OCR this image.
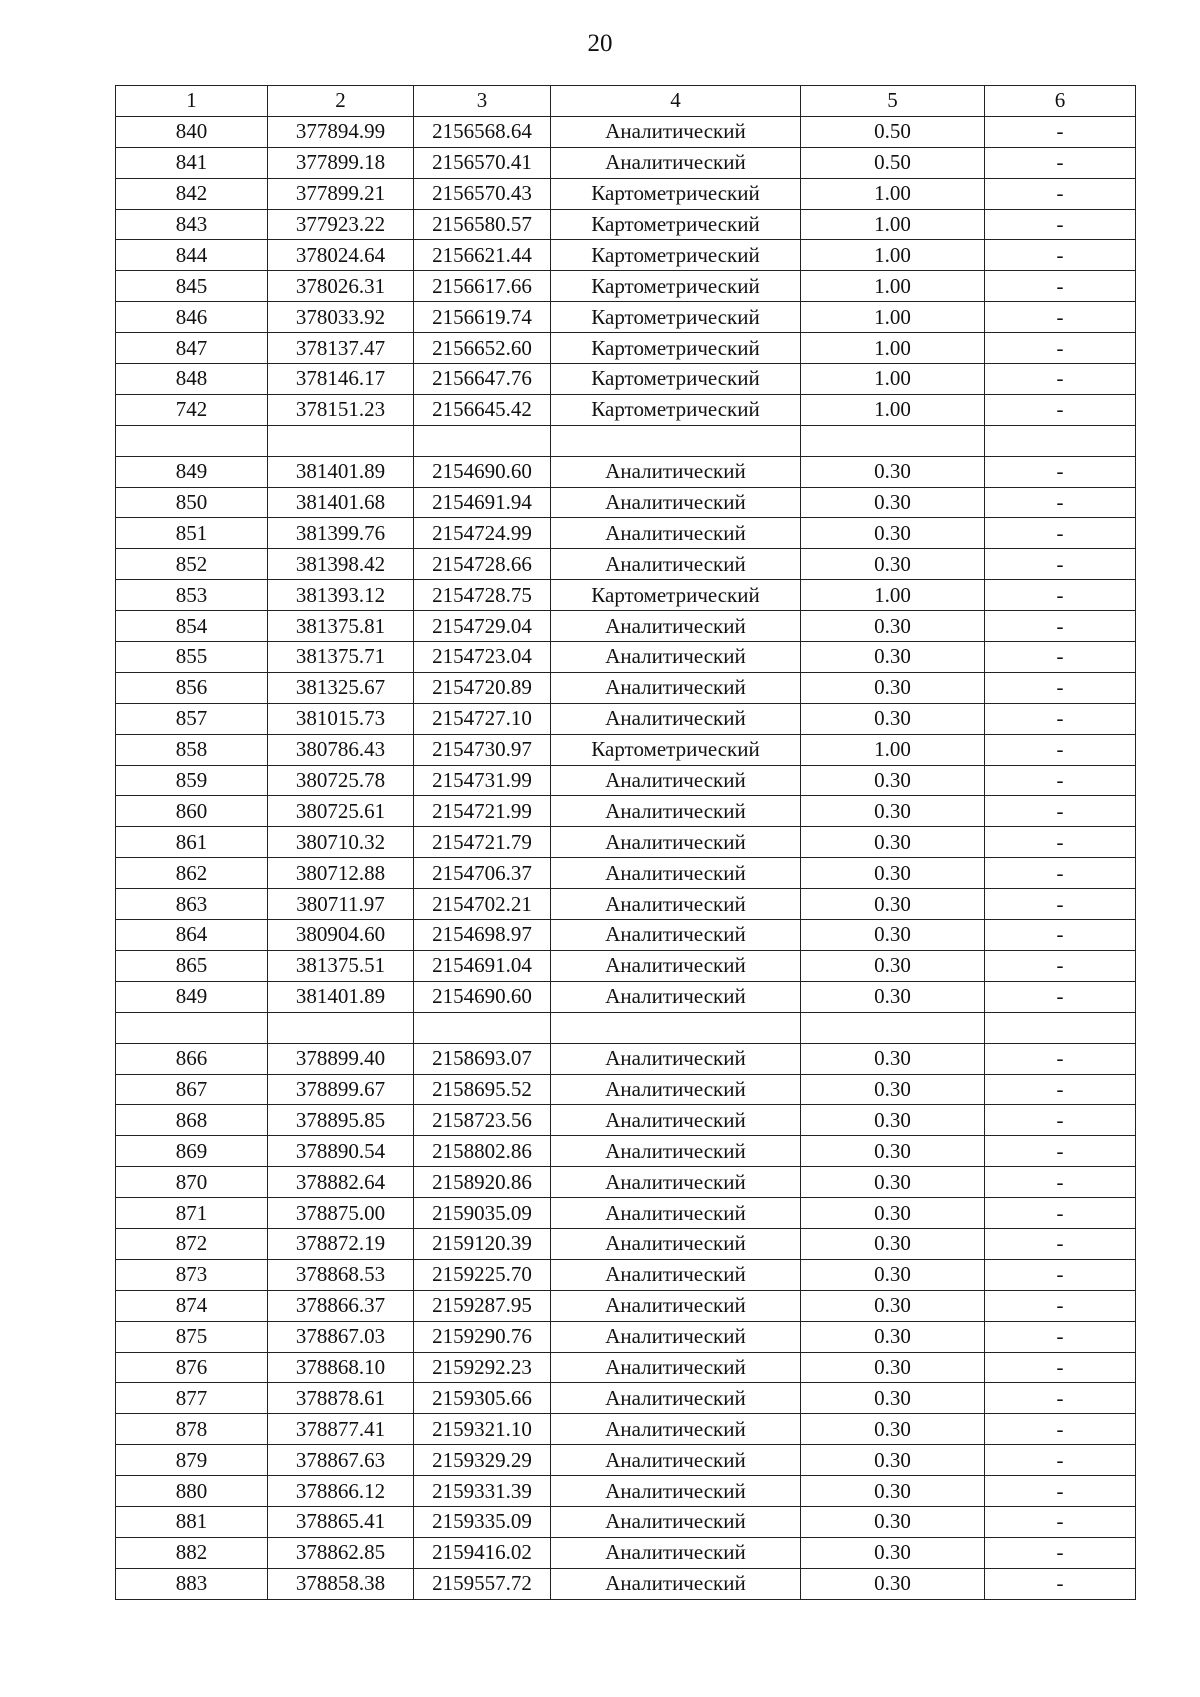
20
1	2	3	4	5	6
840	377894.99	2156568.64	Аналитический	0.50	-
841	377899.18	2156570.41	Аналитический	0.50	-
842	377899.21	2156570.43	Картометрический	1.00	-
843	377923.22	2156580.57	Картометрический	1.00	-
844	378024.64	2156621.44	Картометрический	1.00	-
845	378026.31	2156617.66	Картометрический	1.00	-
846	378033.92	2156619.74	Картометрический	1.00	-
847	378137.47	2156652.60	Картометрический	1.00	-
848	378146.17	2156647.76	Картометрический	1.00	-
742	378151.23	2156645.42	Картометрический	1.00	-

849	381401.89	2154690.60	Аналитический	0.30	-
850	381401.68	2154691.94	Аналитический	0.30	-
851	381399.76	2154724.99	Аналитический	0.30	-
852	381398.42	2154728.66	Аналитический	0.30	-
853	381393.12	2154728.75	Картометрический	1.00	-
854	381375.81	2154729.04	Аналитический	0.30	-
855	381375.71	2154723.04	Аналитический	0.30	-
856	381325.67	2154720.89	Аналитический	0.30	-
857	381015.73	2154727.10	Аналитический	0.30	-
858	380786.43	2154730.97	Картометрический	1.00	-
859	380725.78	2154731.99	Аналитический	0.30	-
860	380725.61	2154721.99	Аналитический	0.30	-
861	380710.32	2154721.79	Аналитический	0.30	-
862	380712.88	2154706.37	Аналитический	0.30	-
863	380711.97	2154702.21	Аналитический	0.30	-
864	380904.60	2154698.97	Аналитический	0.30	-
865	381375.51	2154691.04	Аналитический	0.30	-
849	381401.89	2154690.60	Аналитический	0.30	-

866	378899.40	2158693.07	Аналитический	0.30	-
867	378899.67	2158695.52	Аналитический	0.30	-
868	378895.85	2158723.56	Аналитический	0.30	-
869	378890.54	2158802.86	Аналитический	0.30	-
870	378882.64	2158920.86	Аналитический	0.30	-
871	378875.00	2159035.09	Аналитический	0.30	-
872	378872.19	2159120.39	Аналитический	0.30	-
873	378868.53	2159225.70	Аналитический	0.30	-
874	378866.37	2159287.95	Аналитический	0.30	-
875	378867.03	2159290.76	Аналитический	0.30	-
876	378868.10	2159292.23	Аналитический	0.30	-
877	378878.61	2159305.66	Аналитический	0.30	-
878	378877.41	2159321.10	Аналитический	0.30	-
879	378867.63	2159329.29	Аналитический	0.30	-
880	378866.12	2159331.39	Аналитический	0.30	-
881	378865.41	2159335.09	Аналитический	0.30	-
882	378862.85	2159416.02	Аналитический	0.30	-
883	378858.38	2159557.72	Аналитический	0.30	-
